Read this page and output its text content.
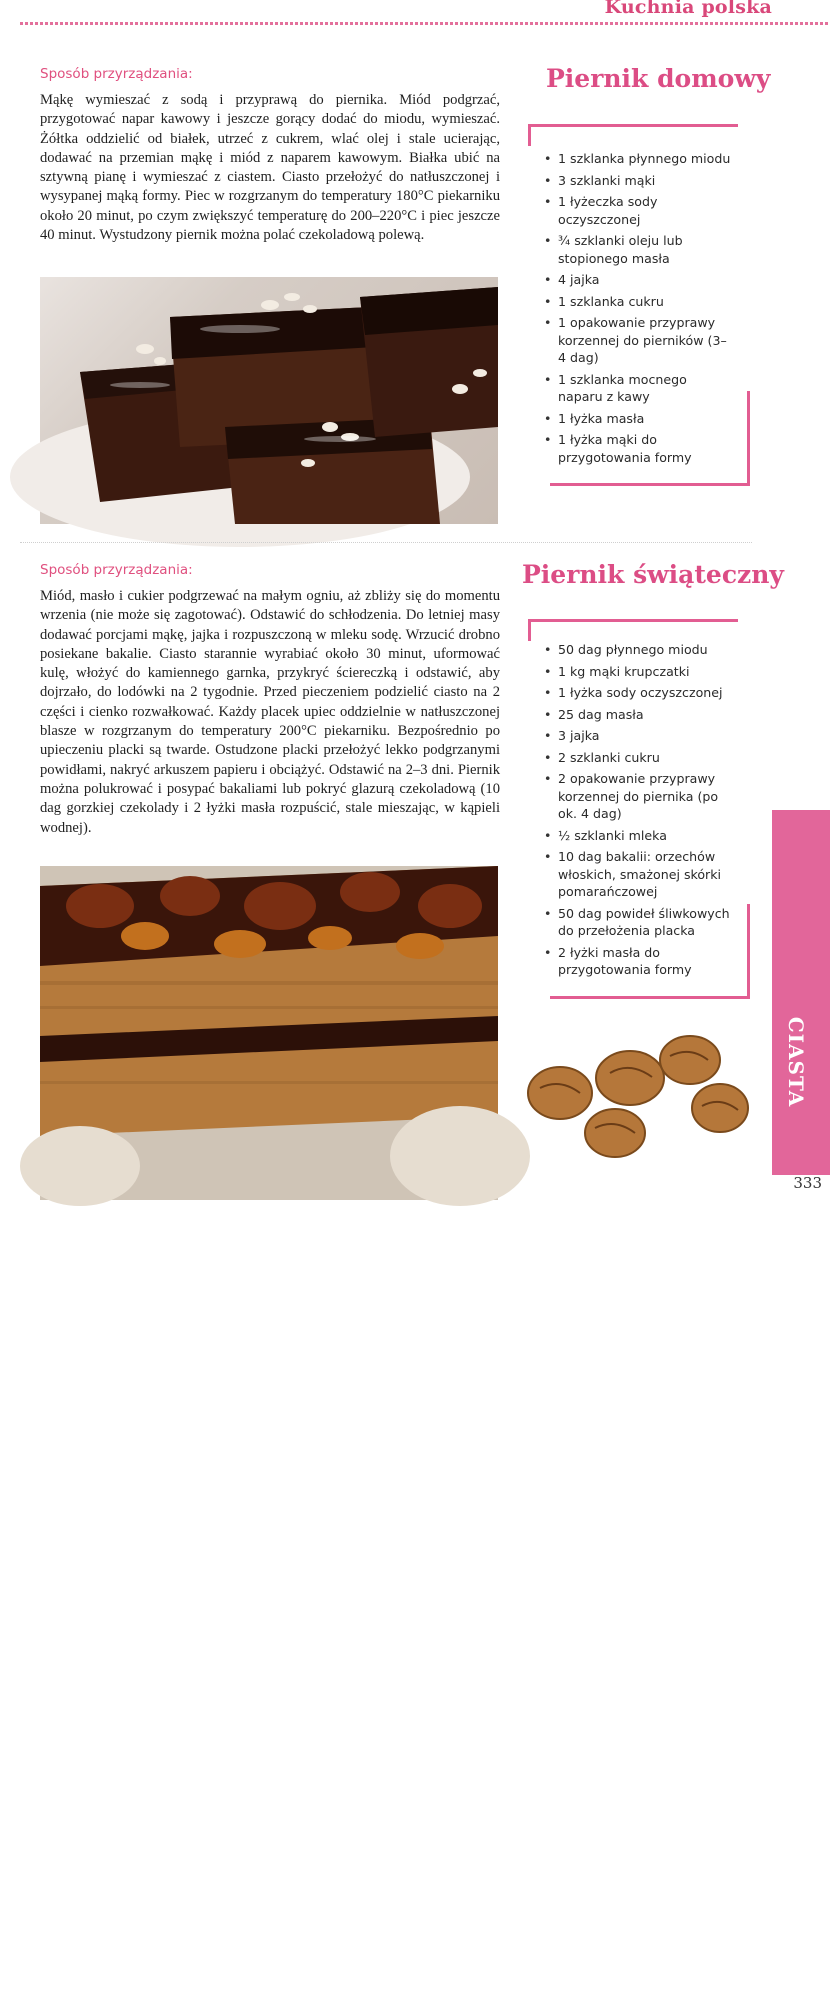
Kuchnia polska
Sposób przyrządzania:

Mąkę wymieszać z sodą i przyprawą do piernika. Miód podgrzać, przygotować napar kawowy i jeszcze gorący dodać do miodu, wymieszać. Żółtka oddzielić od białek, utrzeć z cukrem, wlać olej i stale ucierając, dodawać na przemian mąkę i miód z naparem kawowym. Białka ubić na sztywną pianę i wymieszać z ciastem. Ciasto przełożyć do natłuszczonej i wysypanej mąką formy. Piec w rozgrzanym do temperatury 180°C piekarniku około 20 minut, po czym zwiększyć temperaturę do 200–220°C i piec jeszcze 40 minut. Wystudzony piernik można polać czekoladową polewą.

Piernik domowy
• 1 szklanka płynnego miodu
• 3 szklanki mąki
• 1 łyżeczka sody oczyszczonej
• ¾ szklanki oleju lub stopionego masła
• 4 jajka
• 1 szklanka cukru
• 1 opakowanie przyprawy korzennej do pierników (3–4 dag)
• 1 szklanka mocnego naparu z kawy
• 1 łyżka masła
• 1 łyżka mąki do przygotowania formy
Sposób przyrządzania:

Miód, masło i cukier podgrzewać na małym ogniu, aż zbliży się do momentu wrzenia (nie może się zagotować). Odstawić do schłodzenia. Do letniej masy dodawać porcjami mąkę, jajka i rozpuszczoną w mleku sodę. Wrzucić drobno posiekane bakalie. Ciasto starannie wyrabiać około 30 minut, uformować kulę, włożyć do kamiennego garnka, przykryć ściereczką i odstawić, aby dojrzało, do lodówki na 2 tygodnie. Przed pieczeniem podzielić ciasto na 2 części i cienko rozwałkować. Każdy placek upiec oddzielnie w natłuszczonej blasze w rozgrzanym do temperatury 200°C piekarniku. Bezpośrednio po upieczeniu placki są twarde. Ostudzone placki przełożyć lekko podgrzanymi powidłami, nakryć arkuszem papieru i obciążyć. Odstawić na 2–3 dni. Piernik można polukrować i posypać bakaliami lub pokryć glazurą czekoladową (10 dag gorzkiej czekolady i 2 łyżki masła rozpuścić, stale mieszając, w kąpieli wodnej).

Piernik świąteczny
• 50 dag płynnego miodu
• 1 kg mąki krupczatki
• 1 łyżka sody oczyszczonej
• 25 dag masła
• 3 jajka
• 2 szklanki cukru
• 2 opakowanie przyprawy korzennej do piernika (po ok. 4 dag)
• ½ szklanki mleka
• 10 dag bakalii: orzechów włoskich, smażonej skórki pomarańczowej
• 50 dag powideł śliwkowych do przełożenia placka
• 2 łyżki masła do przygotowania formy
wedlug-kuchnia.pl
CIASTA
333
